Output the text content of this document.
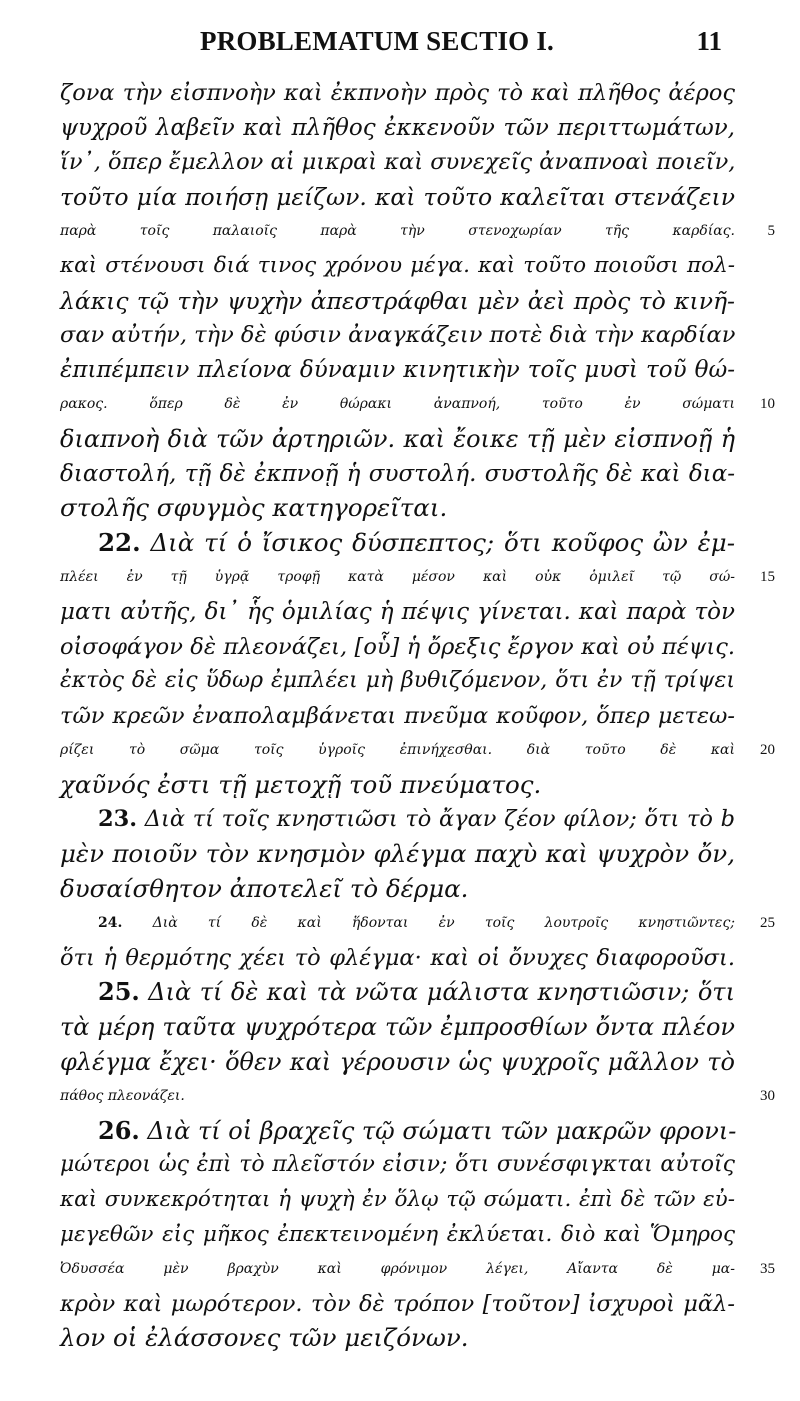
PROBLEMATUM SECTIO I.	11
ζονα τὴν εἰσπνοὴν καὶ ἐκπνοὴν πρὸς τὸ καὶ πλῆθος ἀέρος
ψυχροῦ λαβεῖν καὶ πλῆθος ἐκκενοῦν τῶν περιττωμάτων,
ἵν᾽, ὅπερ ἔμελλον αἱ μικραὶ καὶ συνεχεῖς ἀναπνοαὶ ποιεῖν,
τοῦτο μία ποιήσῃ μείζων. καὶ τοῦτο καλεῖται στενάζειν
παρὰ τοῖς παλαιοῖς παρὰ τὴν στενοχωρίαν τῆς καρδίας. 5
καὶ στένουσι διά τινος χρόνου μέγα. καὶ τοῦτο ποιοῦσι πολ-
λάκις τῷ τὴν ψυχὴν ἀπεστράφθαι μὲν ἀεὶ πρὸς τὸ κινῆ-
σαν αὐτήν, τὴν δὲ φύσιν ἀναγκάζειν ποτὲ διὰ τὴν καρδίαν
ἐπιπέμπειν πλείονα δύναμιν κινητικὴν τοῖς μυσὶ τοῦ θώ-
ρακος. ὅπερ δὲ ἐν θώρακι ἀναπνοή, τοῦτο ἐν σώματι 10
διαπνοὴ διὰ τῶν ἀρτηριῶν. καὶ ἔοικε τῇ μὲν εἰσπνοῇ ἡ
διαστολή, τῇ δὲ ἐκπνοῇ ἡ συστολή. συστολῆς δὲ καὶ δια-
στολῆς σφυγμὸς κατηγορεῖται.
22. Διὰ τί ὁ ἴσικος δύσπεπτος; ὅτι κοῦφος ὢν ἐμ-
πλέει ἐν τῇ ὑγρᾷ τροφῇ κατὰ μέσον καὶ οὐκ ὁμιλεῖ τῷ σώ- 15
ματι αὐτῆς, δι᾽ ἧς ὁμιλίας ἡ πέψις γίνεται. καὶ παρὰ τὸν
οἰσοφάγον δὲ πλεονάζει, [οὗ] ἡ ὄρεξις ἔργον καὶ οὐ πέψις.
ἐκτὸς δὲ εἰς ὕδωρ ἐμπλέει μὴ βυθιζόμενον, ὅτι ἐν τῇ τρίψει
τῶν κρεῶν ἐναπολαμβάνεται πνεῦμα κοῦφον, ὅπερ μετεω-
ρίζει τὸ σῶμα τοῖς ὑγροῖς ἐπινήχεσθαι. διὰ τοῦτο δὲ καὶ 20
χαῦνός ἐστι τῇ μετοχῇ τοῦ πνεύματος.
23. Διὰ τί τοῖς κνηστιῶσι τὸ ἄγαν ζέον φίλον; ὅτι τὸ b
μὲν ποιοῦν τὸν κνησμὸν φλέγμα παχὺ καὶ ψυχρὸν ὄν,
δυσαίσθητον ἀποτελεῖ τὸ δέρμα.
24. Διὰ τί δὲ καὶ ἥδονται ἐν τοῖς λουτροῖς κνηστιῶντες; 25
ὅτι ἡ θερμότης χέει τὸ φλέγμα· καὶ οἱ ὄνυχες διαφοροῦσι.
25. Διὰ τί δὲ καὶ τὰ νῶτα μάλιστα κνηστιῶσιν; ὅτι
τὰ μέρη ταῦτα ψυχρότερα τῶν ἐμπροσθίων ὄντα πλέον
φλέγμα ἔχει· ὅθεν καὶ γέρουσιν ὡς ψυχροῖς μᾶλλον τὸ
πάθος πλεονάζει.	30
26. Διὰ τί οἱ βραχεῖς τῷ σώματι τῶν μακρῶν φρονι-
μώτεροι ὡς ἐπὶ τὸ πλεῖστόν εἰσιν; ὅτι συνέσφιγκται αὐτοῖς
καὶ συνκεκρότηται ἡ ψυχὴ ἐν ὅλῳ τῷ σώματι. ἐπὶ δὲ τῶν εὐ-
μεγεθῶν εἰς μῆκος ἐπεκτεινομένη ἐκλύεται. διὸ καὶ Ὅμηρος
Ὀδυσσέα μὲν βραχὺν καὶ φρόνιμον λέγει, Αἴαντα δὲ μα- 35
κρὸν καὶ μωρότερον. τὸν δὲ τρόπον [τοῦτον] ἰσχυροὶ μᾶλ-
λον οἱ ἐλάσσονες τῶν μειζόνων.
